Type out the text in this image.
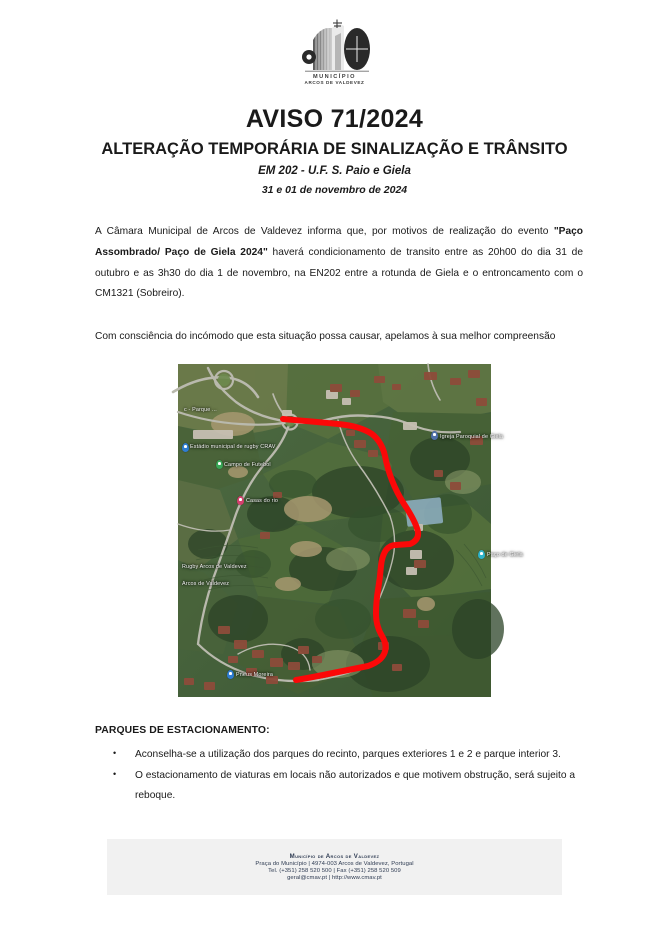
MUNICÍPIO
ARCOS DE VALDEVEZ
AVISO 71/2024
ALTERAÇÃO TEMPORÁRIA DE SINALIZAÇÃO E TRÂNSITO
EM 202 - U.F. S. Paio e Giela
31 e 01 de novembro de 2024

A Câmara Municipal de Arcos de Valdevez informa que, por motivos de realização do evento "Paço Assombrado/ Paço de Giela 2024" haverá condicionamento de transito entre as 20h00 do dia 31 de outubro e as 3h30 do dia 1 de novembro, na EN202 entre a rotunda de Giela e o entroncamento com o CM1321 (Sobreiro).

Com consciência do incómodo que esta situação possa causar, apelamos à sua melhor compreensão

c - Parque ...
Estádio municipal de rugby CRAV
Campo de Futebol
Casas do rio
Rugby Arcos de Valdevez
Arcos de Valdevez
Pneus Moreira
Igreja Paroquial de Giela
Paço de Giela
PARQUES DE ESTACIONAMENTO:
• Aconselha-se a utilização dos parques do recinto, parques exteriores 1 e 2 e parque interior 3.
• O estacionamento de viaturas em locais não autorizados e que motivem obstrução, será sujeito a reboque.
Município de Arcos de Valdevez
Praça do Município | 4974-003 Arcos de Valdevez, Portugal
Tel. (+351) 258 520 500 | Fax (+351) 258 520 509
geral@cmav.pt | http://www.cmav.pt
